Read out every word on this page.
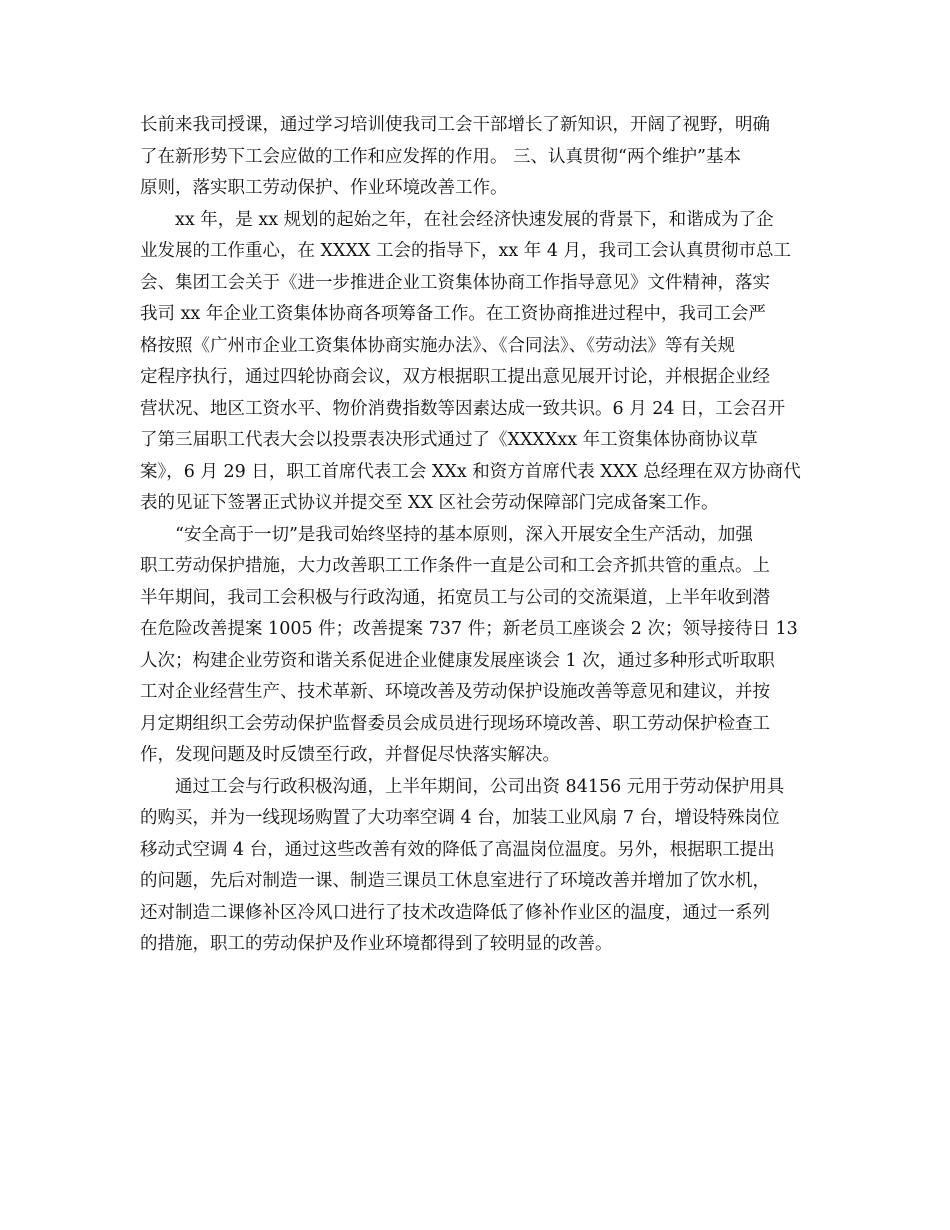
长前来我司授课，通过学习培训使我司工会干部增长了新知识，开阔了视野，明确
了在新形势下工会应做的工作和应发挥的作用。 三、认真贯彻“两个维护”基本
原则，落实职工劳动保护、作业环境改善工作。
xx 年，是 xx 规划的起始之年，在社会经济快速发展的背景下，和谐成为了企
业发展的工作重心，在 XXXX 工会的指导下，xx 年 4 月，我司工会认真贯彻市总工
会、集团工会关于《进一步推进企业工资集体协商工作指导意见》文件精神，落实
我司 xx 年企业工资集体协商各项筹备工作。在工资协商推进过程中，我司工会严
格按照《广州市企业工资集体协商实施办法》、《合同法》、《劳动法》等有关规
定程序执行，通过四轮协商会议，双方根据职工提出意见展开讨论，并根据企业经
营状况、地区工资水平、物价消费指数等因素达成一致共识。6 月 24 日，工会召开
了第三届职工代表大会以投票表决形式通过了《XXXXxx 年工资集体协商协议草
案》，6 月 29 日，职工首席代表工会 XXx 和资方首席代表 XXX 总经理在双方协商代
表的见证下签署正式协议并提交至 XX 区社会劳动保障部门完成备案工作。
“安全高于一切”是我司始终坚持的基本原则，深入开展安全生产活动，加强
职工劳动保护措施，大力改善职工工作条件一直是公司和工会齐抓共管的重点。上
半年期间，我司工会积极与行政沟通，拓宽员工与公司的交流渠道，上半年收到潜
在危险改善提案 1005 件；改善提案 737 件；新老员工座谈会 2 次；领导接待日 13
人次；构建企业劳资和谐关系促进企业健康发展座谈会 1 次，通过多种形式听取职
工对企业经营生产、技术革新、环境改善及劳动保护设施改善等意见和建议，并按
月定期组织工会劳动保护监督委员会成员进行现场环境改善、职工劳动保护检查工
作，发现问题及时反馈至行政，并督促尽快落实解决。
通过工会与行政积极沟通，上半年期间，公司出资 84156 元用于劳动保护用具
的购买，并为一线现场购置了大功率空调 4 台，加装工业风扇 7 台，增设特殊岗位
移动式空调 4 台，通过这些改善有效的降低了高温岗位温度。另外，根据职工提出
的问题，先后对制造一课、制造三课员工休息室进行了环境改善并增加了饮水机，
还对制造二课修补区冷风口进行了技术改造降低了修补作业区的温度，通过一系列
的措施，职工的劳动保护及作业环境都得到了较明显的改善。
